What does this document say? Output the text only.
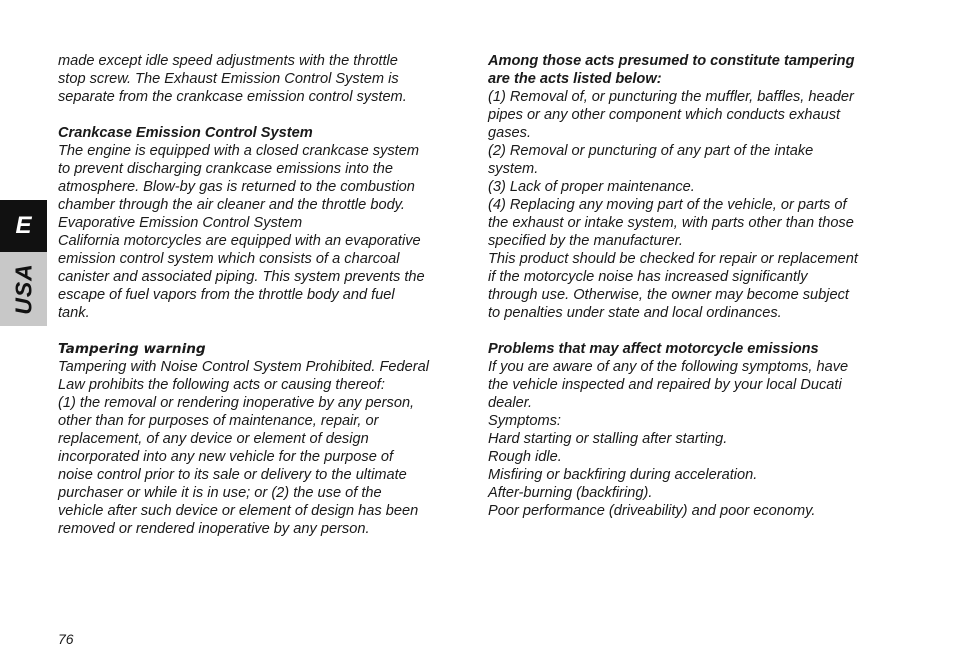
E
USA

made except idle speed adjustments with the throttle

stop screw. The Exhaust Emission Control System is

separate from the crankcase emission control system.

Crankcase Emission Control System

The engine is equipped with a closed crankcase system

to prevent discharging crankcase emissions into the

atmosphere. Blow-by gas is returned to the combustion

chamber through the air cleaner and the throttle body.

Evaporative Emission Control System

California motorcycles are equipped with an evaporative

emission control system which consists of a charcoal

canister and associated piping. This system prevents the

escape of fuel vapors from the throttle body and fuel

tank.

Tampering warning

Tampering with Noise Control System Prohibited. Federal

Law prohibits the following acts or causing thereof:

(1) the removal or rendering inoperative by any person,

other than for purposes of maintenance, repair, or

replacement, of any device or element of design

incorporated into any new vehicle for the purpose of

noise control prior to its sale or delivery to the ultimate

purchaser or while it is in use; or (2) the use of the

vehicle after such device or element of design has been

removed or rendered inoperative by any person.

Among those acts presumed to constitute tampering

are the acts listed below:

(1) Removal of, or puncturing the muffler, baffles, header

pipes or any other component which conducts exhaust

gases.

(2) Removal or puncturing of any part of the intake

system.

(3) Lack of proper maintenance.

(4) Replacing any moving part of the vehicle, or parts of

the exhaust or intake system, with parts other than those

specified by the manufacturer.

This product should be checked for repair or replacement

if the motorcycle noise has increased significantly

through use. Otherwise, the owner may become subject

to penalties under state and local ordinances.

Problems that may affect motorcycle emissions

If you are aware of any of the following symptoms, have

the vehicle inspected and repaired by your local Ducati

dealer.

Symptoms:

Hard starting or stalling after starting.

Rough idle.

Misfiring or backfiring during acceleration.

After-burning (backfiring).

Poor performance (driveability) and poor economy.

76
